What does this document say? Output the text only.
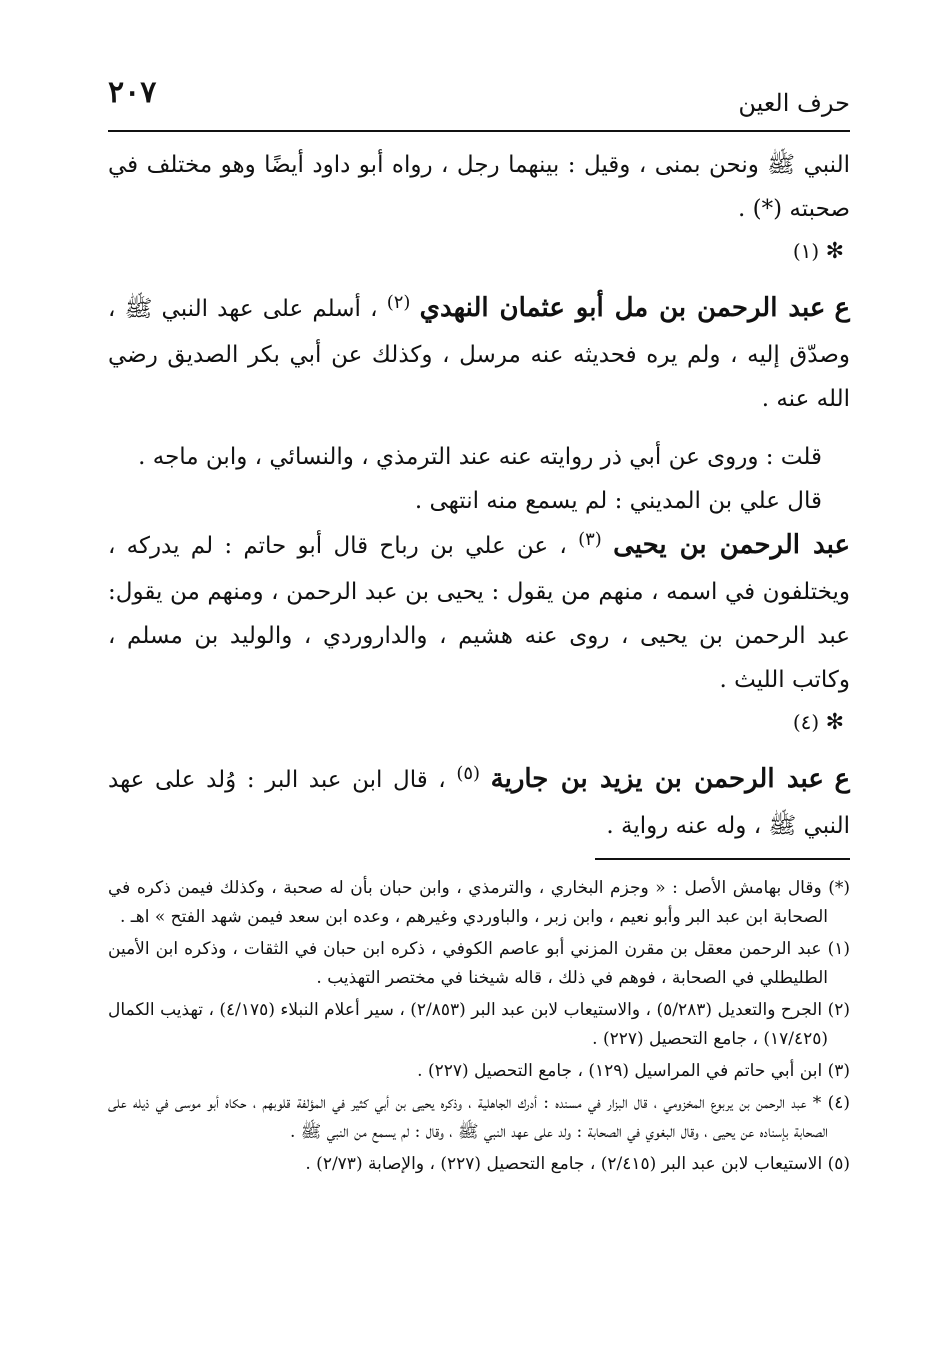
٢٠٧	حرف العين

النبي ﷺ ونحن بمنى ، وقيل : بينهما رجل ، رواه أبو داود أيضًا وهو مختلف في صحبته (*) .

✻ (١)

ع عبد الرحمن بن مل أبو عثمان النهدي $^{(٢)}$ ، أسلم على عهد النبي ﷺ ، وصدّق إليه ، ولم يره فحديثه عنه مرسل ، وكذلك عن أبي بكر الصديق رضي الله عنه .

قلت : وروى عن أبي ذر روايته عنه عند الترمذي ، والنسائي ، وابن ماجه .

قال علي بن المديني : لم يسمع منه انتهى .

عبد الرحمن بن يحيى $^{(٣)}$ ، عن علي بن رباح قال أبو حاتم : لم يدركه ، ويختلفون في اسمه ، منهم من يقول : يحيى بن عبد الرحمن ، ومنهم من يقول: عبد الرحمن بن يحيى ، روى عنه هشيم ، والداروردي ، والوليد بن مسلم ، وكاتب الليث .

✻ (٤)

ع عبد الرحمن بن يزيد بن جارية $^{(٥)}$ ، قال ابن عبد البر : وُلد على عهد النبي ﷺ ، وله عنه رواية .

(*) وقال بهامش الأصل : « وجزم البخاري ، والترمذي ، وابن حبان بأن له صحبة ، وكذلك فيمن ذكره في الصحابة ابن عبد البر وأبو نعيم ، وابن زبر ، والباوردي وغيرهم ، وعده ابن سعد فيمن شهد الفتح » اهـ .

(١) عبد الرحمن معقل بن مقرن المزني أبو عاصم الكوفي ، ذكره ابن حبان في الثقات ، وذكره ابن الأمين الطليطلي في الصحابة ، فوهم في ذلك ، قاله شيخنا في مختصر التهذيب .

(٢) الجرح والتعديل (٥/٢٨٣) ، والاستيعاب لابن عبد البر (٢/٨٥٣) ، سير أعلام النبلاء (٤/١٧٥) ، تهذيب الكمال (١٧/٤٢٥) ، جامع التحصيل (٢٢٧) .

(٣) ابن أبي حاتم في المراسيل (١٢٩) ، جامع التحصيل (٢٢٧) .

(٤) * عبد الرحمن بن يربوع المخزومي ، قال البزار في مسنده : أدرك الجاهلية ، وذكره يحيى بن أبي كثير في المؤلفة قلوبهم ، حكاه أبو موسى في ذيله على الصحابة بإسناده عن يحيى ، وقال البغوي في الصحابة : ولد على عهد النبي ﷺ ، وقال : لم يسمع من النبي ﷺ .

(٥) الاستيعاب لابن عبد البر (٢/٤١٥) ، جامع التحصيل (٢٢٧) ، والإصابة (٢/٧٣) .
